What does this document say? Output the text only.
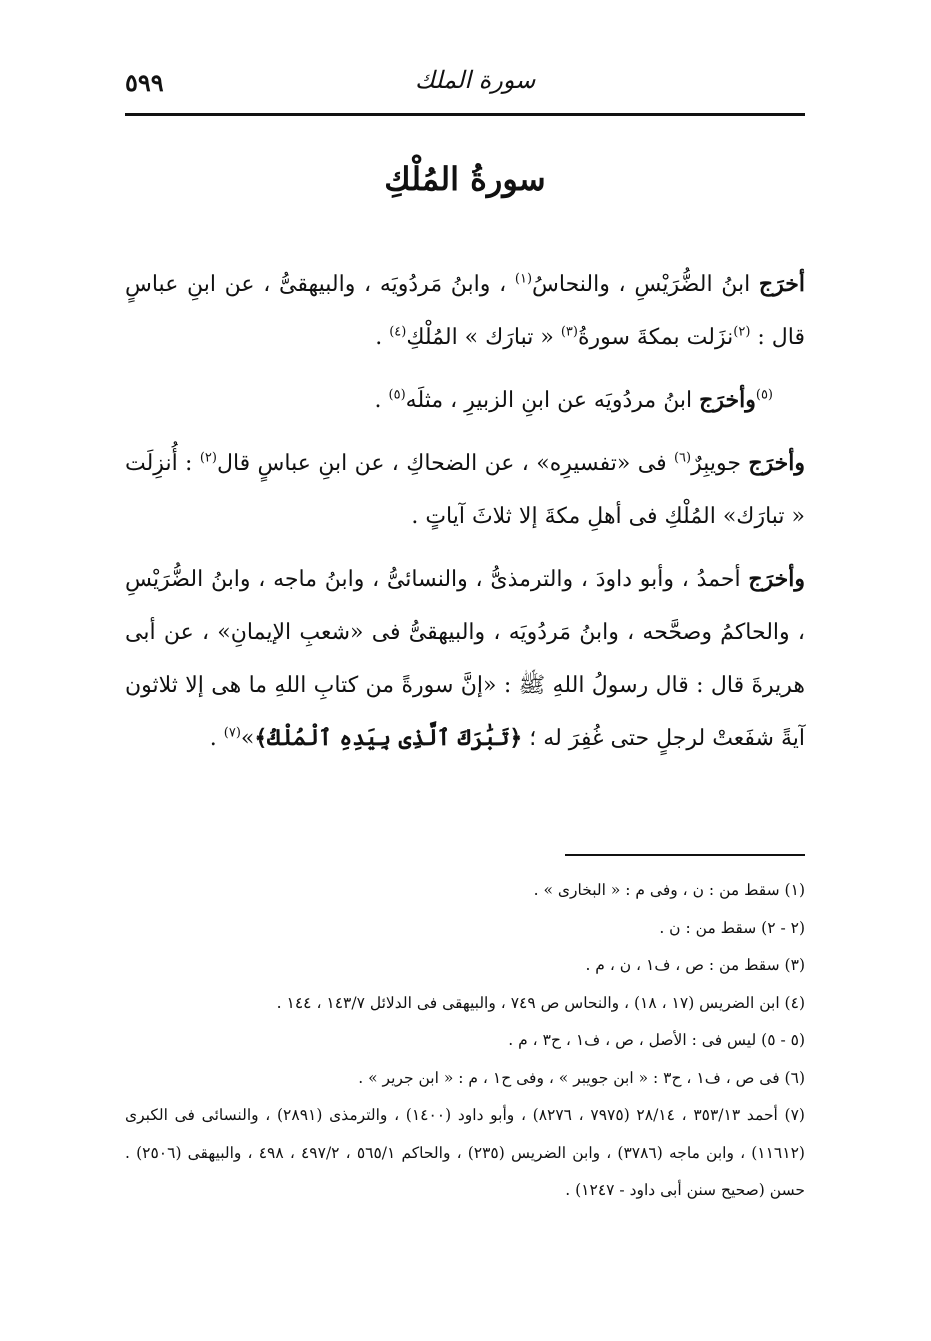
٥٩٩	سورة الملك
سورةُ المُلْكِ

أخرَج ابنُ الضُّرَيْسِ ، والنحاسُ$^{(١)}$ ، وابنُ مَردُويَه ، والبيهقىُّ ، عن ابنِ عباسٍ قال : $^{(٢)}$نزَلت بمكةَ سورةُ$^{(٣)}$ « تبارَك » المُلْكِ$^{(٤)}$ .

$^{(٥)}$وأخرَج ابنُ مردُويَه عن ابنِ الزبيرِ ، مثلَه$^{(٥)}$ .

وأخرَج جويبِرٌ$^{(٦)}$ فى «تفسيرِه» ، عن الضحاكِ ، عن ابنِ عباسٍ قال$^{(٢)}$ : أُنزِلَت « تبارَك» المُلْكِ فى أهلِ مكةَ إلا ثلاثَ آياتٍ .

وأخرَج أحمدُ ، وأبو داودَ ، والترمذىُّ ، والنسائىُّ ، وابنُ ماجه ، وابنُ الضُّرَيْسِ ، والحاكمُ وصحَّحه ، وابنُ مَردُويَه ، والبيهقىُّ فى «شعبِ الإيمانِ» ، عن أبى هريرةَ قال : قال رسولُ اللهِ ﷺ : «إنَّ سورةً من كتابِ اللهِ ما هى إلا ثلاثون آيةً شفَعتْ لرجلٍ حتى غُفِرَ له ؛ ﴿تَبَٰرَكَ ٱلَّذِى بِيَدِهِ ٱلْمُلْكُ﴾»$^{(٧)}$ .

(١) سقط من : ن ، وفى م : « البخارى » .

(٢ - ٢) سقط من : ن .

(٣) سقط من : ص ، ف١ ، ن ، م .

(٤) ابن الضريس (١٧ ، ١٨) ، والنحاس ص ٧٤٩ ، والبيهقى فى الدلائل ١٤٣/٧ ، ١٤٤ .

(٥ - ٥) ليس فى : الأصل ، ص ، ف١ ، ح٣ ، م .

(٦) فى ص ، ف١ ، ح٣ : « ابن جويبر » ، وفى ح١ ، م : « ابن جرير » .

(٧) أحمد ٣٥٣/١٣ ، ٢٨/١٤ (٧٩٧٥ ، ٨٢٧٦) ، وأبو داود (١٤٠٠) ، والترمذى (٢٨٩١) ، والنسائى فى الكبرى (١١٦١٢) ، وابن ماجه (٣٧٨٦) ، وابن الضريس (٢٣٥) ، والحاكم ٥٦٥/١ ، ٤٩٧/٢ ، ٤٩٨ ، والبيهقى (٢٥٠٦) . حسن (صحيح سنن أبى داود - ١٢٤٧) .
